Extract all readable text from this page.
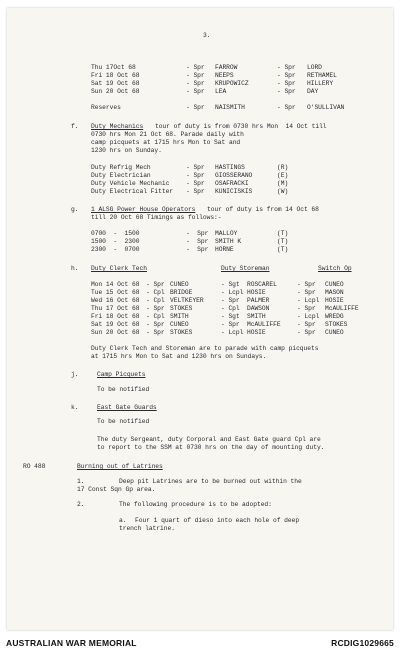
3.
Thu 17Oct 68	- Spr FARROW	- Spr LORD
Fri 18 Oct 68	- Spr NEEPS	- Spr RETHAMEL
Sat 19 Oct 68	- Spr KRUPOWICZ	- Spr HILLERY
Sun 20 Oct 68	- Spr LEA	- Spr DAY
Reserves	- Spr NAISMITH	- Spr O'SULLIVAN
f. Duty Mechanics tour of duty is from 0730 hrs Mon  14 Oct till
0730 hrs Mon 21 Oct 68. Parade daily with
camp picquets at 1715 hrs Mon to Sat and
1230 hrs on Sunday.
Duty Refrig Mech	- Spr HASTINGS	(R)
Duty Electrician	- Spr GIOSSERANO	(E)
Duty Vehicle Mechanic	- Spr OSAFRACKI	(M)
Duty Electrical Fitter - Spr KUNICISKIS	(W)
g. 1 ALSG Power House Operators tour of duty is from 14 Oct 68
till 20 Oct 68 Timings as follows:-
0700  -  1500	-  Spr MALLOY	(T)
1500  -  2300	-  Spr SMITH K	(T)
2300  -  0700	-  Spr HORNE	(T)
h. Duty Clerk Tech	Duty Storeman	Switch Op
Mon 14 Oct 68 - Spr CUNEO	- Sgt ROSCAREL	- Spr CUNEO
Tue 15 Oct 68 - Cpl BRIDGE	- Lcpl HOSIE	- Spr MASON
Wed 16 Oct 68 - Cpl VELTKEYER	- Spr PALMER	- Lcpl HOSIE
Thu 17 Oct 68 - Spr STOKES	- Cpl DAWSON	- Spr McAULIFFE
Fri 18 Oct 68 - Cpl SMITH	- Sgt SMITH	- Lcpl WREDG
Sat 19 Oct 68 - Spr CUNEO	- Spr McAULIFFE	- Spr STOKES
Sun 20 Oct 68 - Spr STOKES	- Lcpl HOSIE	- Spr CUNEO
Duty Clerk Tech and Storeman are to parade with camp picquets
at 1715 hrs Mon to Sat and 1230 hrs on Sundays.
j.	Camp Picquets
To be notified
k.	East Gate Guards
To be notified
The duty Sergeant, duty Corporal and East Gate guard Cpl are
to report to the SSM at 0730 hrs on the day of mounting duty.
RO 488	Burning out of Latrines
1.	Deep pit Latrines are to be burned out within the
17 Const Sqn Gp area.
2.	The following procedure is to be adopted:
a. Four 1 quart of dieso into each hole of deep
trench latrine.
AUSTRALIAN WAR MEMORIAL	RCDIG1029665
